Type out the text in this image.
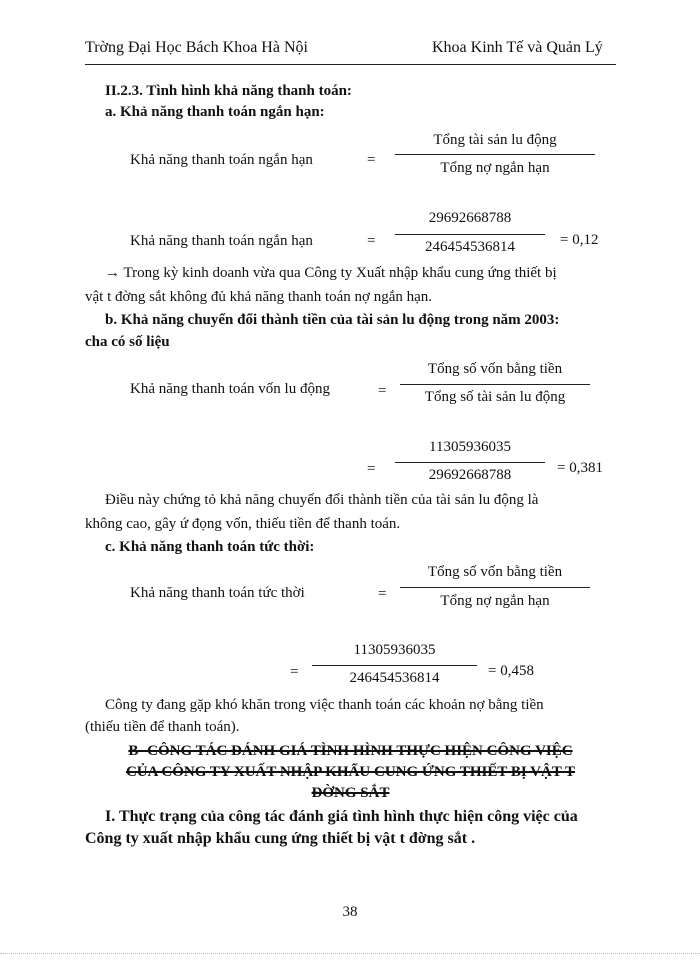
Trờng Đại Học Bách Khoa Hà Nội	Khoa Kinh Tế và Quản Lý
II.2.3. Tình hình khả năng thanh toán:
a. Khả năng thanh toán ngắn hạn:
Khả năng thanh toán ngắn hạn	=
Tổng tài sản lu động
Tổng nợ ngắn hạn
29692668788
Khả năng thanh toán ngắn hạn	=	= 0,12
246454536814
→ Trong kỳ kinh doanh vừa qua Công ty Xuất nhập khẩu cung ứng thiết bị
vật t đờng sắt không đủ khả năng thanh toán nợ ngắn hạn.
b. Khả năng chuyển đổi thành tiền của tài sản lu động trong năm 2003:
cha có số liệu
Tổng số vốn bằng tiền
Khả năng thanh toán vốn lu động	=	Tổng số tài sản lu động
11305936035
=	= 0,381
29692668788
Điều này chứng tỏ khả năng chuyển đổi thành tiền của tài sản lu động là
không cao, gây ứ đọng vốn, thiếu tiền để thanh toán.
c. Khả năng thanh toán tức thời:
Tổng số vốn bằng tiền
Khả năng thanh toán tức thời	=	Tổng nợ ngắn hạn
11305936035
=	= 0,458
246454536814
Công ty đang gặp khó khăn trong việc thanh toán các khoản nợ bằng tiền
(thiếu tiền để thanh toán).
B- CÔNG TÁC ĐÁNH GIÁ TÌNH HÌNH THỰC HIỆN CÔNG VIỆC
CỦA CÔNG TY XUẤT NHẬP KHẨU CUNG ỨNG THIẾT BỊ VẬT T
ĐỜNG SẮT
I. Thực trạng của công tác đánh giá tình hình thực hiện công việc của
Công ty xuất nhập khẩu cung ứng thiết bị vật t đờng sắt .
38
